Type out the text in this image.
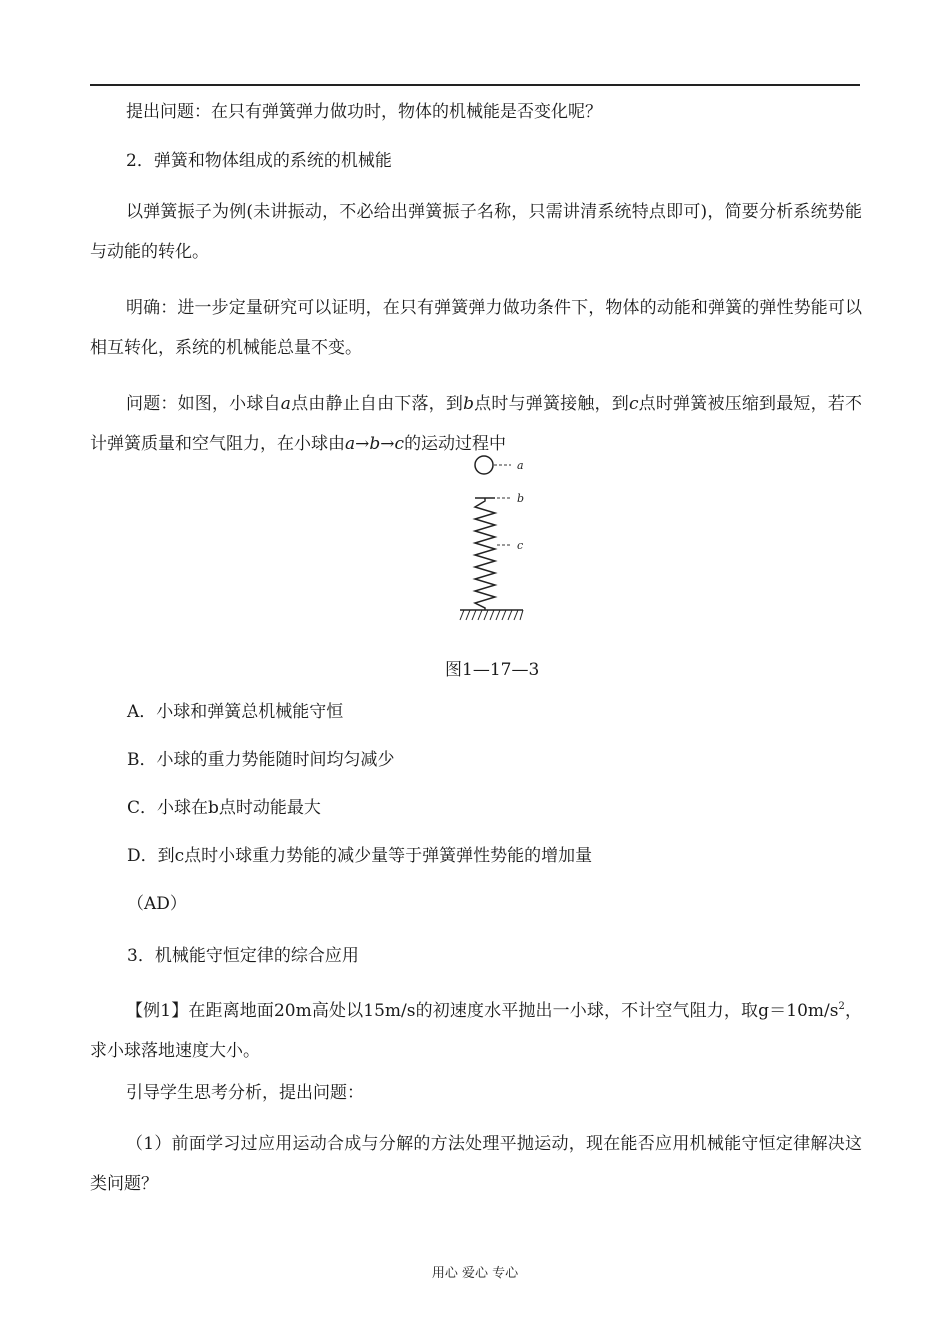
提出问题：在只有弹簧弹力做功时，物体的机械能是否变化呢？
2．弹簧和物体组成的系统的机械能
以弹簧振子为例(未讲振动，不必给出弹簧振子名称，只需讲清系统特点即可)，简要分析系统势能与动能的转化。
明确：进一步定量研究可以证明，在只有弹簧弹力做功条件下，物体的动能和弹簧的弹性势能可以相互转化，系统的机械能总量不变。
问题：如图，小球自a点由静止自由下落，到b点时与弹簧接触，到c点时弹簧被压缩到最短，若不计弹簧质量和空气阻力，在小球由a→b→c的运动过程中
a
b
c
图1—17—3
A．小球和弹簧总机械能守恒
B．小球的重力势能随时间均匀减少
C．小球在b点时动能最大
D．到c点时小球重力势能的减少量等于弹簧弹性势能的增加量
（AD）
3．机械能守恒定律的综合应用
【例1】在距离地面20m高处以15m/s的初速度水平抛出一小球，不计空气阻力，取$g=10m/s^2$，求小球落地速度大小。
引导学生思考分析，提出问题：
（1）前面学习过应用运动合成与分解的方法处理平抛运动，现在能否应用机械能守恒定律解决这类问题？
用心 爱心 专心
